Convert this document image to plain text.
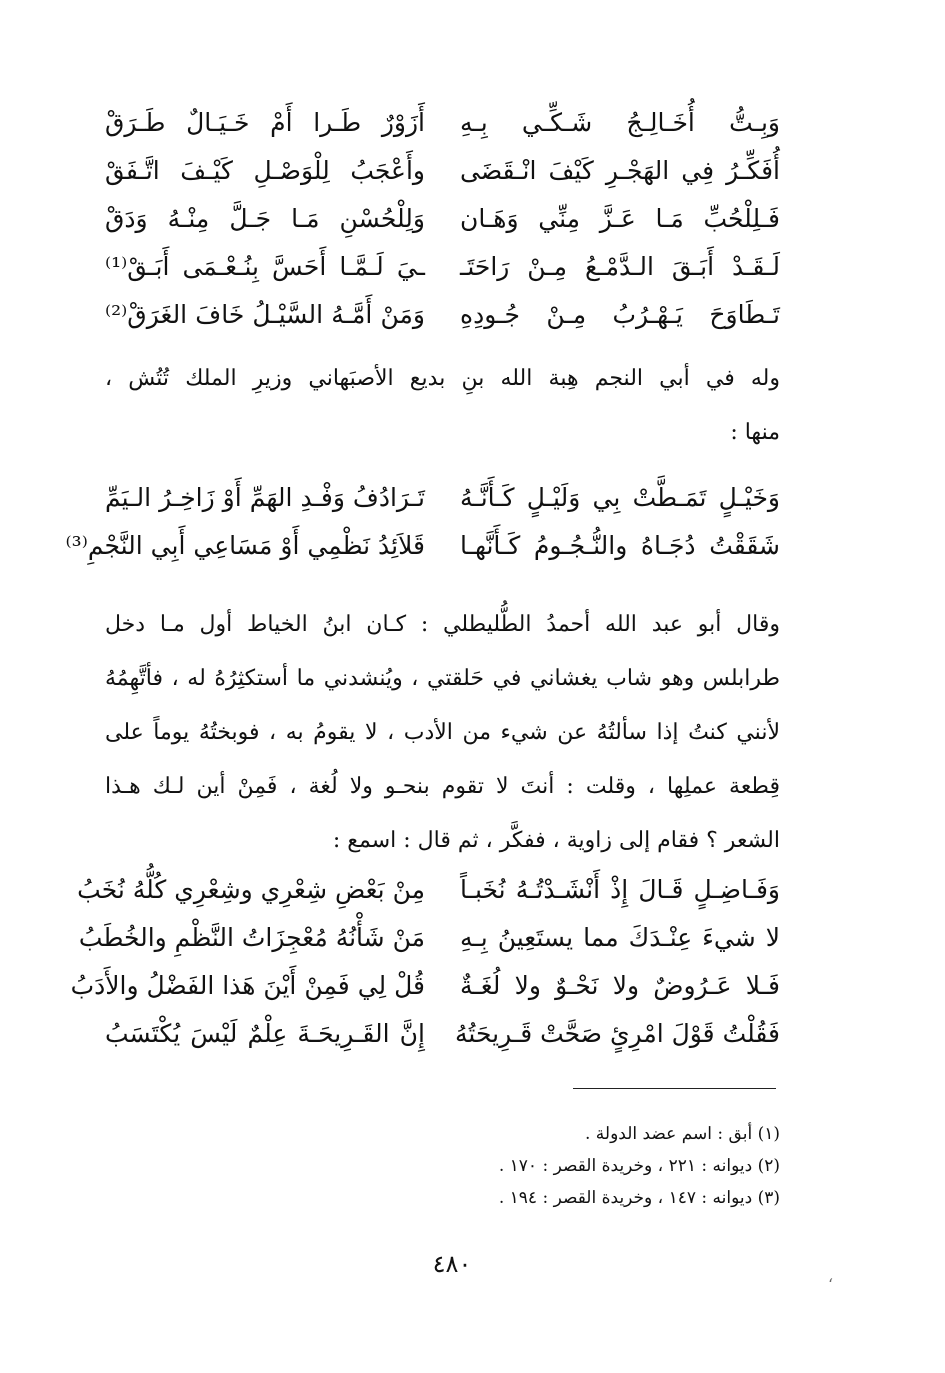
وَبِـتُّ أُخَـالِـجُ شَـكِّـي بِـهِ
أَزَوْرٌ طَـرا أَمْ خَـيَـالٌ طَـرَقْ
أُفَكِّـرُ فِي الهَجْـرِ كَيْفَ انْـقَضَى
وأَعْجَبُ لِلْوَصْـلِ كَيْـفَ اتَّـفَقْ
فَـلِلْحُبِّ مَـا عَـزَّ مِنِّي وَهَـان
وَلِلْحُسْنِ مَـا جَـلَّ مِنْـهُ وَدَقْ
لَـقَـدْ أَبَـقَ الـدَّمْـعُ مِـنْ رَاحَتَـ
ـيَ لَـمَّـا أَحَسَّ بِنُـعْـمَى أَبَـقْ⁽¹⁾
تَـطَاوَحَ يَـهْـرُبُ مِـنْ جُـودِهِ
وَمَنْ أَمَّـهُ السَّيْـلُ خَافَ الغَرَقْ⁽²⁾
وله في أبي النجم هِبة الله بنِ بديع الأصبَهاني وزيرِ الملك تُتُش ،
منها :
وَخَيْـلٍ تَمَـطَّتْ بِي وَلَيْـلٍ كَـأَنَّـهُ
تَـرَادُفُ وَفْـدِ الهَمِّ أَوْ زَاخِـرُ الـيَمِّ
شَقَقْتُ دُجَـاهُ والنُّـجُـومُ كَـأَنَّهـا
قَلاَئِدُ نَظْمِي أَوْ مَسَاعِي أَبِي النَّجْمِ⁽³⁾
وقال أبو عبد الله أحمدُ الطُّليطلي : كـان ابنُ الخياط أول مـا دخل
طرابلس وهو شاب يغشاني في حَلقتي ، ويُنشدني ما أستكثِرُهُ له ، فأتَّهِمُهُ
لأنني كنتُ إذا سألتُهُ عن شيء من الأدب ، لا يقومُ به ، فوبختُهُ يوماً على
قِطعة عملِها ، وقلت : أنتَ لا تقوم بنحـو ولا لُغة ، فَمِنْ أين لـك هـذا
الشعر ؟ فقام إلى زاوية ، ففكَّر ، ثم قال : اسمع :
وَفَـاضِـلٍ قَـالَ إِذْ أَنْشَـدْتُـهُ نُخَبـاً
مِنْ بَعْضِ شِعْرِي وشِعْرِي كُلُّهُ نُخَبُ
لا شيءَ عِنْـدَكَ مما يستَعِينُ بِـهِ
مَنْ شَأْنُهُ مُعْجِزَاتُ النَّظْمِ والخُطَبُ
فَـلا عَـرُوضٌ ولا نَحْـوٌ ولا لُغَـةٌ
قُلْ لِي فَمِنْ أَيْنَ هَذا الفَضْلُ والأَدَبُ
فَقُلْتُ قَوْلَ امْرِئٍ صَحَّتْ قَـرِيحَتُهُ
إِنَّ القَـرِيحَـةَ عِلْمٌ لَيْسَ يُكْتَسَبُ
(١) أبق : اسم عضد الدولة .
(٢) ديوانه : ٢٢١ ، وخريدة القصر : ١٧٠ .
(٣) ديوانه : ١٤٧ ، وخريدة القصر : ١٩٤ .
٤٨٠
ʻ
